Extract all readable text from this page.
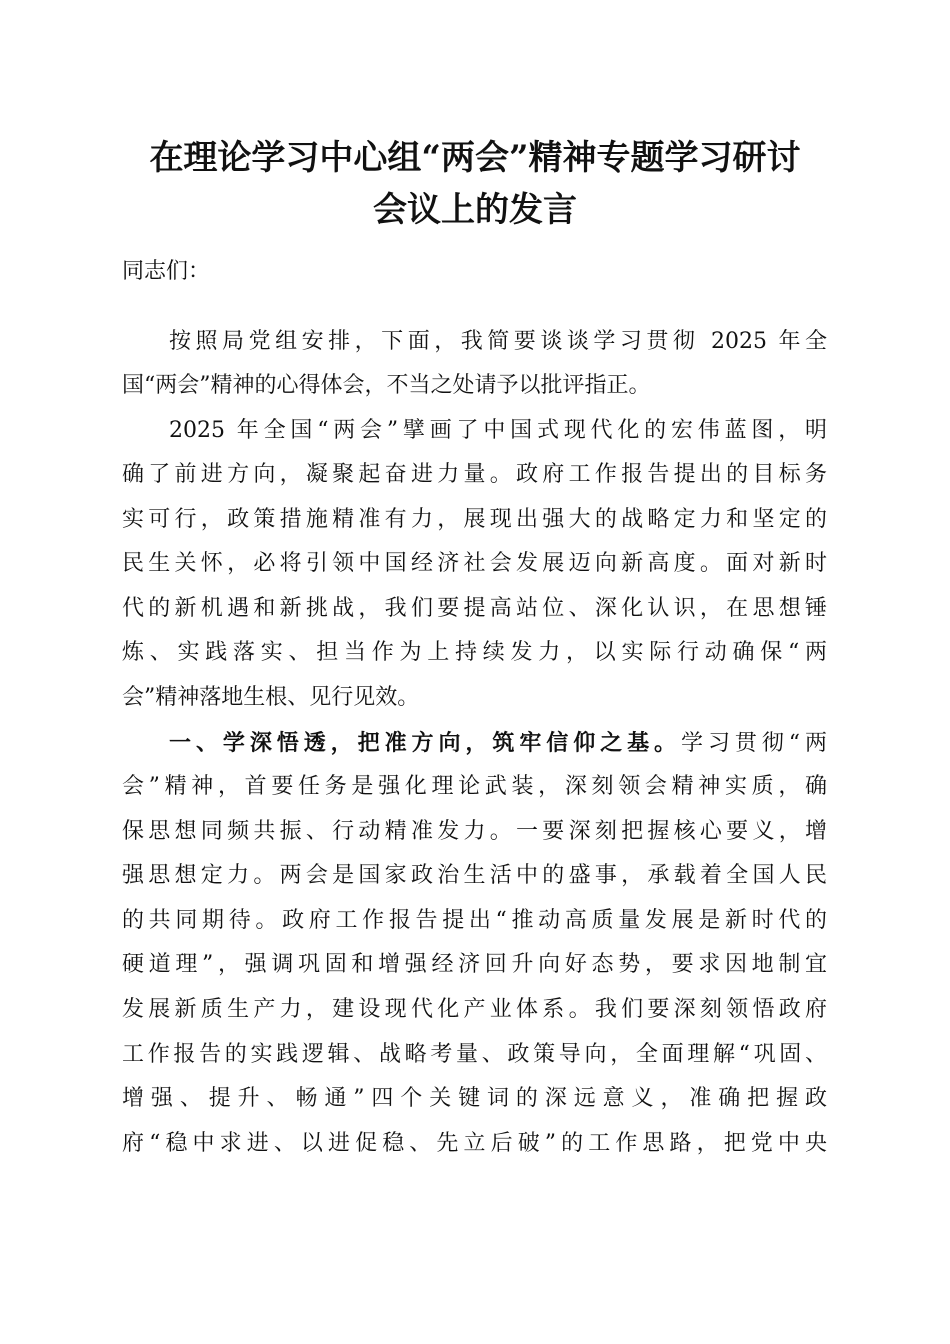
在理论学习中心组“两会”精神专题学习研讨
会议上的发言
同志们：
按照局党组安排，下面，我简要谈谈学习贯彻 2025 年全
国“两会”精神的心得体会，不当之处请予以批评指正。
2025 年全国“两会”擘画了中国式现代化的宏伟蓝图，明
确了前进方向，凝聚起奋进力量。政府工作报告提出的目标务
实可行，政策措施精准有力，展现出强大的战略定力和坚定的
民生关怀，必将引领中国经济社会发展迈向新高度。面对新时
代的新机遇和新挑战，我们要提高站位、深化认识，在思想锤
炼、实践落实、担当作为上持续发力，以实际行动确保“两
会”精神落地生根、见行见效。
一、学深悟透，把准方向，筑牢信仰之基。学习贯彻“两
会”精神，首要任务是强化理论武装，深刻领会精神实质，确
保思想同频共振、行动精准发力。一要深刻把握核心要义，增
强思想定力。两会是国家政治生活中的盛事，承载着全国人民
的共同期待。政府工作报告提出“推动高质量发展是新时代的
硬道理”，强调巩固和增强经济回升向好态势，要求因地制宜
发展新质生产力，建设现代化产业体系。我们要深刻领悟政府
工作报告的实践逻辑、战略考量、政策导向，全面理解“巩固、
增强、提升、畅通”四个关键词的深远意义，准确把握政
府“稳中求进、以进促稳、先立后破”的工作思路，把党中央
